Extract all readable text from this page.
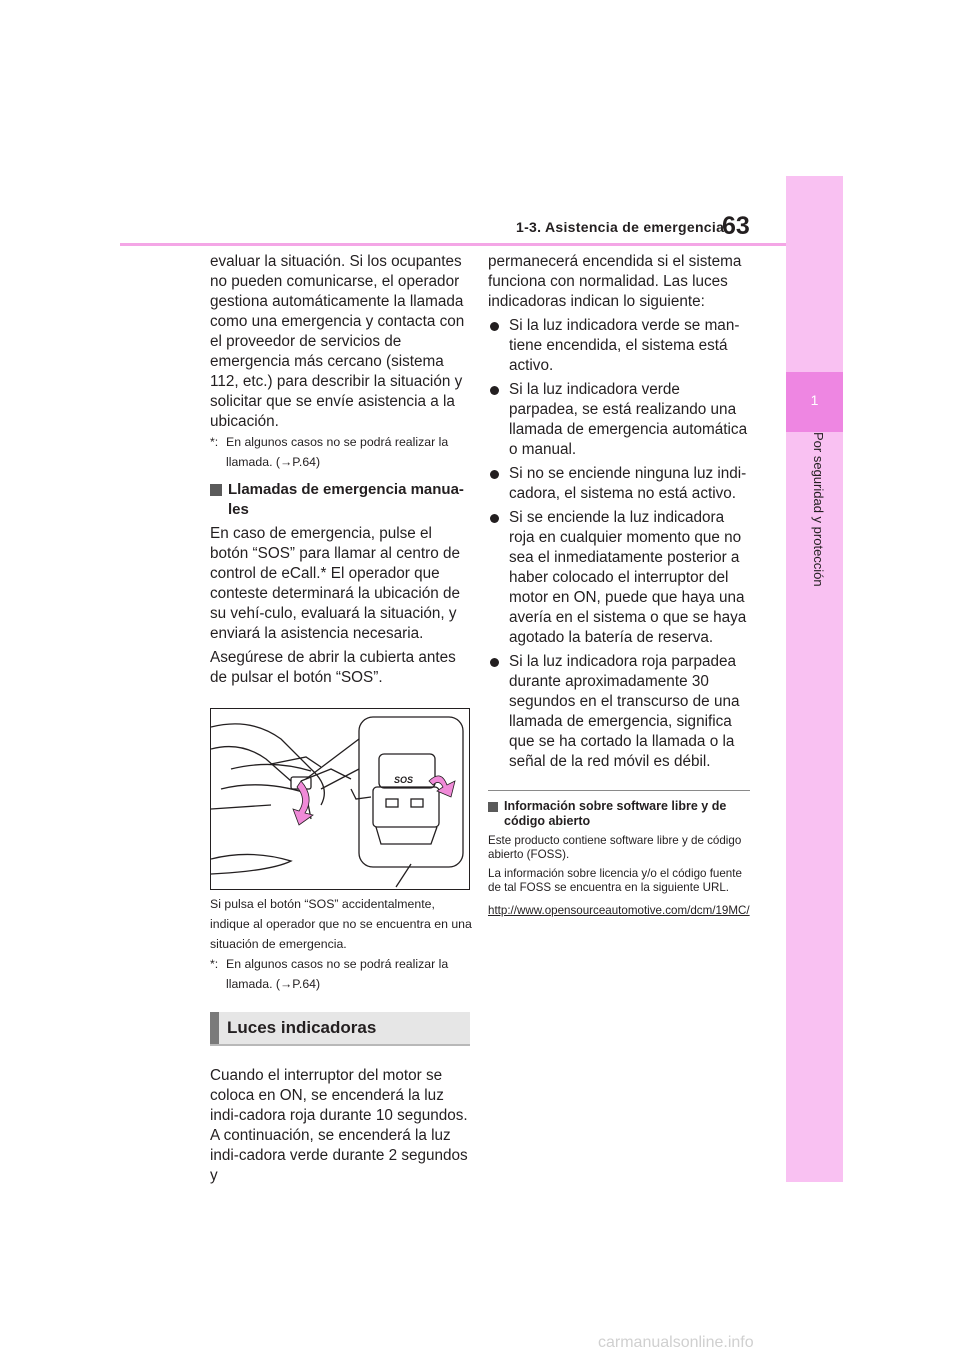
1-3. Asistencia de emergencia
63
1
Por seguridad y protección

evaluar la situación. Si los ocupantes no pueden comunicarse, el operador gestiona automáticamente la llamada como una emergencia y contacta con el proveedor de servicios de emergencia más cercano (sistema 112, etc.) para describir la situación y solicitar que se envíe asistencia a la ubicación.

*: En algunos casos no se podrá realizar la llamada. (→P.64)
Llamadas de emergencia manua-les

En caso de emergencia, pulse el botón “SOS” para llamar al centro de control de eCall.* El operador que conteste determinará la ubicación de su vehí-culo, evaluará la situación, y enviará la asistencia necesaria.

Asegúrese de abrir la cubierta antes de pulsar el botón “SOS”.

SOS

Si pulsa el botón “SOS” accidentalmente, indique al operador que no se encuentra en una situación de emergencia.

*: En algunos casos no se podrá realizar la llamada. (→P.64)
Luces indicadoras

Cuando el interruptor del motor se coloca en ON, se encenderá la luz indi-cadora roja durante 10 segundos. A continuación, se encenderá la luz indi-cadora verde durante 2 segundos y

permanecerá encendida si el sistema funciona con normalidad. Las luces indicadoras indican lo siguiente:

Si la luz indicadora verde se man-tiene encendida, el sistema está activo.
Si la luz indicadora verde parpadea, se está realizando una llamada de emergencia automática o manual.
Si no se enciende ninguna luz indi-cadora, el sistema no está activo.
Si se enciende la luz indicadora roja en cualquier momento que no sea el inmediatamente posterior a haber colocado el interruptor del motor en ON, puede que haya una avería en el sistema o que se haya agotado la batería de reserva.
Si la luz indicadora roja parpadea durante aproximadamente 30 segundos en el transcurso de una llamada de emergencia, significa que se ha cortado la llamada o la señal de la red móvil es débil.
Información sobre software libre y de código abierto

Este producto contiene software libre y de código abierto (FOSS).

La información sobre licencia y/o el código fuente de tal FOSS se encuentra en la siguiente URL.

http://www.opensourceautomotive.com/dcm/19MC/

carmanualsonline.info
